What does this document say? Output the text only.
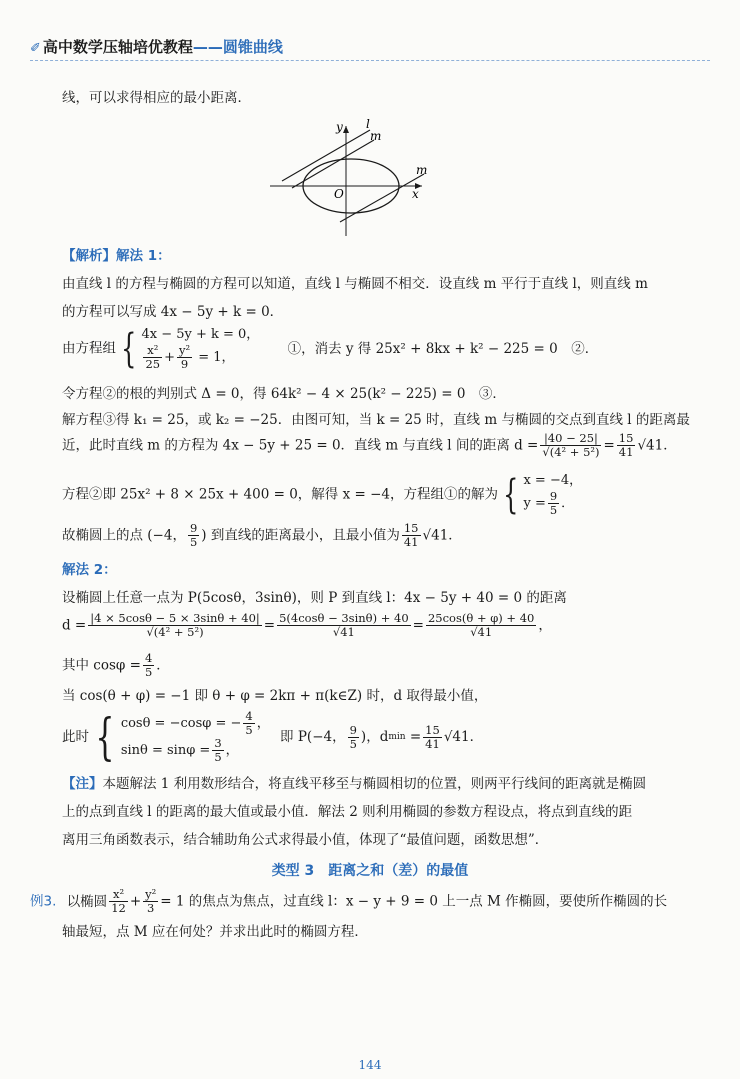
✐ 高中数学压轴培优教程——圆锥曲线
线，可以求得相应的最小距离．
y l
m
m
O	x
【解析】解法 1：
由直线 l 的方程与椭圆的方程可以知道，直线 l 与椭圆不相交．设直线 m 平行于直线 l，则直线 m
的方程可以写成 4x − 5y + k = 0．
由方程组 { 4x − 5y + k = 0，
$\frac{\text{x²}}{25} + \frac{\text{y²}}{9} = 1$，
①，消去 y 得 25x² + 8kx + k² − 225 = 0　②．
令方程②的根的判别式 Δ = 0，得 64k² − 4 × 25(k² − 225) = 0　③．
解方程③得 k₁ = 25，或 k₂ = −25．由图可知，当 k = 25 时，直线 m 与椭圆的交点到直线 l 的距离最
近，此时直线 m 的方程为 4x − 5y + 25 = 0．直线 m 与直线 l 间的距离 $d = \frac{|40 - 25|}{\text{√(4² + 5²)}} = \frac{15}{41} √41$．
方程②即 25x² + 8 × 25x + 400 = 0，解得 x = −4，方程组①的解为 { x = −4，
$y = \frac{9}{5}$ ．
故椭圆上的点 (−4， $\frac{9}{5}$ ) 到直线的距离最小，且最小值为 $\frac{15}{41} √41$．
解法 2：
设椭圆上任意一点为 P(5cosθ，3sinθ)，则 P 到直线 l：4x − 5y + 40 = 0 的距离
$d = \frac{|4 \times 5\cos\theta - 5 \times 3\sin\theta + 40|}{\text{√(4² + 5²)}} = \frac{5(4\cos\theta - 3\sin\theta) + 40}{√41} = \frac{25\cos(\theta + \varphi) + 40}{√41}$ ，
其中 $\cos\varphi = \frac{4}{5}$ ．
当 cos(θ + φ) = −1 即 θ + φ = 2kπ + π(k∈Z) 时，d 取得最小值，
此时 { cosθ = −cosφ = − $\frac{4}{5}$ ，
$\sin\theta = \sin\varphi = \frac{3}{5}$ ，
即 P(−4， $\frac{9}{5}$ )，$dmin = \frac{15}{41} √41$．
【注】本题解法 1 利用数形结合，将直线平移至与椭圆相切的位置，则两平行线间的距离就是椭圆
上的点到直线 l 的距离的最大值或最小值．解法 2 则利用椭圆的参数方程设点，将点到直线的距
离用三角函数表示，结合辅助角公式求得最小值，体现了“最值问题，函数思想”．
类型 3　距离之和（差）的最值
例3. 以椭圆 $\frac{\text{x²}}{12} + \frac{\text{y²}}{3} = 1$ 的焦点为焦点，过直线 l：x − y + 9 = 0 上一点 M 作椭圆，要使所作椭圆的长
轴最短，点 M 应在何处？并求出此时的椭圆方程．
144
